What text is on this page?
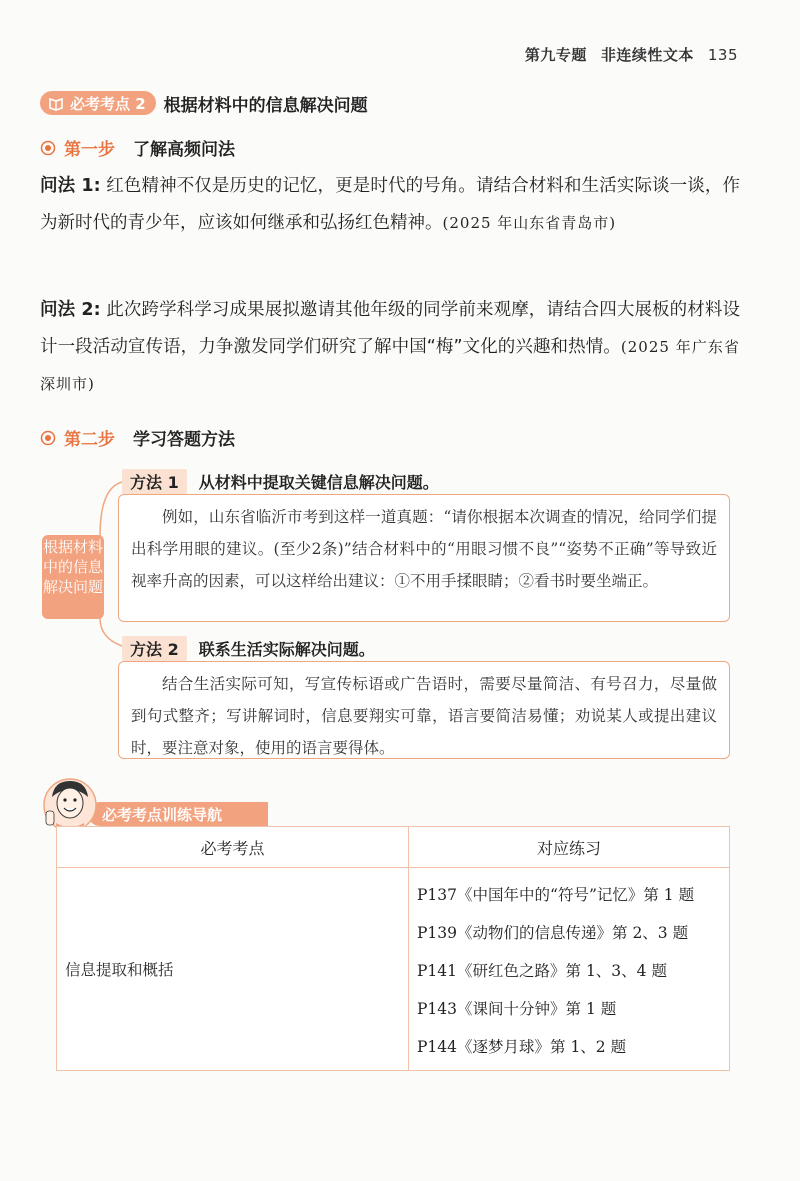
第九专题 非连续性文本 135
必考考点 2 根据材料中的信息解决问题
第一步 了解高频问法
问法 1: 红色精神不仅是历史的记忆，更是时代的号角。请结合材料和生活实际谈一谈，作为新时代的青少年，应该如何继承和弘扬红色精神。(2025 年山东省青岛市)
问法 2: 此次跨学科学习成果展拟邀请其他年级的同学前来观摩，请结合四大展板的材料设计一段活动宣传语，力争激发同学们研究了解中国“梅”文化的兴趣和热情。(2025 年广东省深圳市)
第二步 学习答题方法
根据材料中的信息解决问题
方法 1	从材料中提取关键信息解决问题。
例如，山东省临沂市考到这样一道真题：“请你根据本次调查的情况，给同学们提出科学用眼的建议。(至少2条)”结合材料中的“用眼习惯不良”“姿势不正确”等导致近视率升高的因素，可以这样给出建议：①不用手揉眼睛；②看书时要坐端正。
方法 2	联系生活实际解决问题。
结合生活实际可知，写宣传标语或广告语时，需要尽量简洁、有号召力，尽量做到句式整齐；写讲解词时，信息要翔实可靠，语言要简洁易懂；劝说某人或提出建议时，要注意对象，使用的语言要得体。
必考考点训练导航
必考考点	对应练习
信息提取和概括	P137《中国年中的“符号”记忆》第 1 题
P139《动物们的信息传递》第 2、3 题
P141《研红色之路》第 1、3、4 题
P143《课间十分钟》第 1 题
P144《逐梦月球》第 1、2 题
